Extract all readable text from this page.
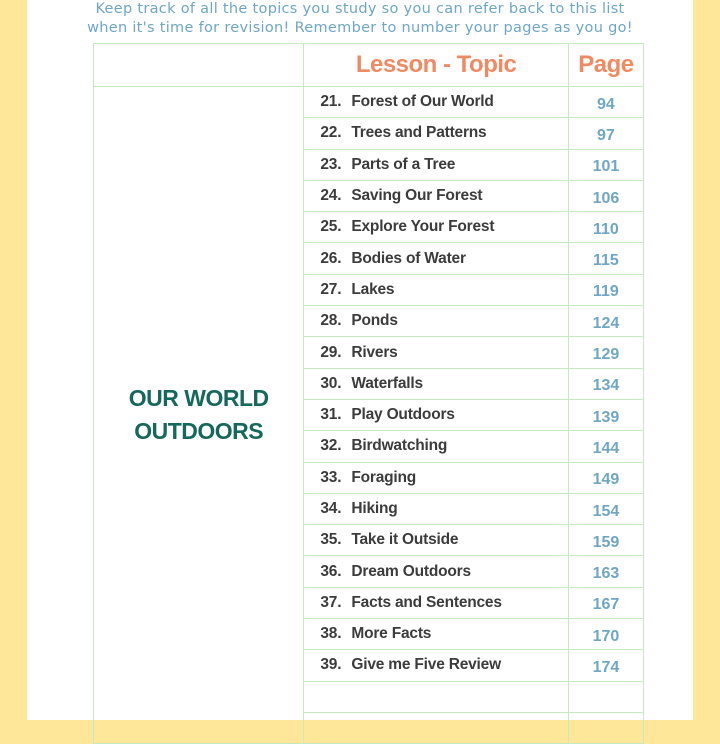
Keep track of all the topics you study so you can refer back to this list
when it's time for revision! Remember to number your pages as you go!
	Lesson - Topic	Page

OUR WORLD
OUTDOORS	21. Forest of Our World	94
	22. Trees and Patterns	97
	23. Parts of a Tree	101
	24. Saving Our Forest	106
	25. Explore Your Forest	110
	26. Bodies of Water	115
	27. Lakes	119
	28. Ponds	124
	29. Rivers	129
	30. Waterfalls	134
	31. Play Outdoors	139
	32. Birdwatching	144
	33. Foraging	149
	34. Hiking	154
	35. Take it Outside	159
	36. Dream Outdoors	163
	37. Facts and Sentences	167
	38. More Facts	170
	39. Give me Five Review	174
